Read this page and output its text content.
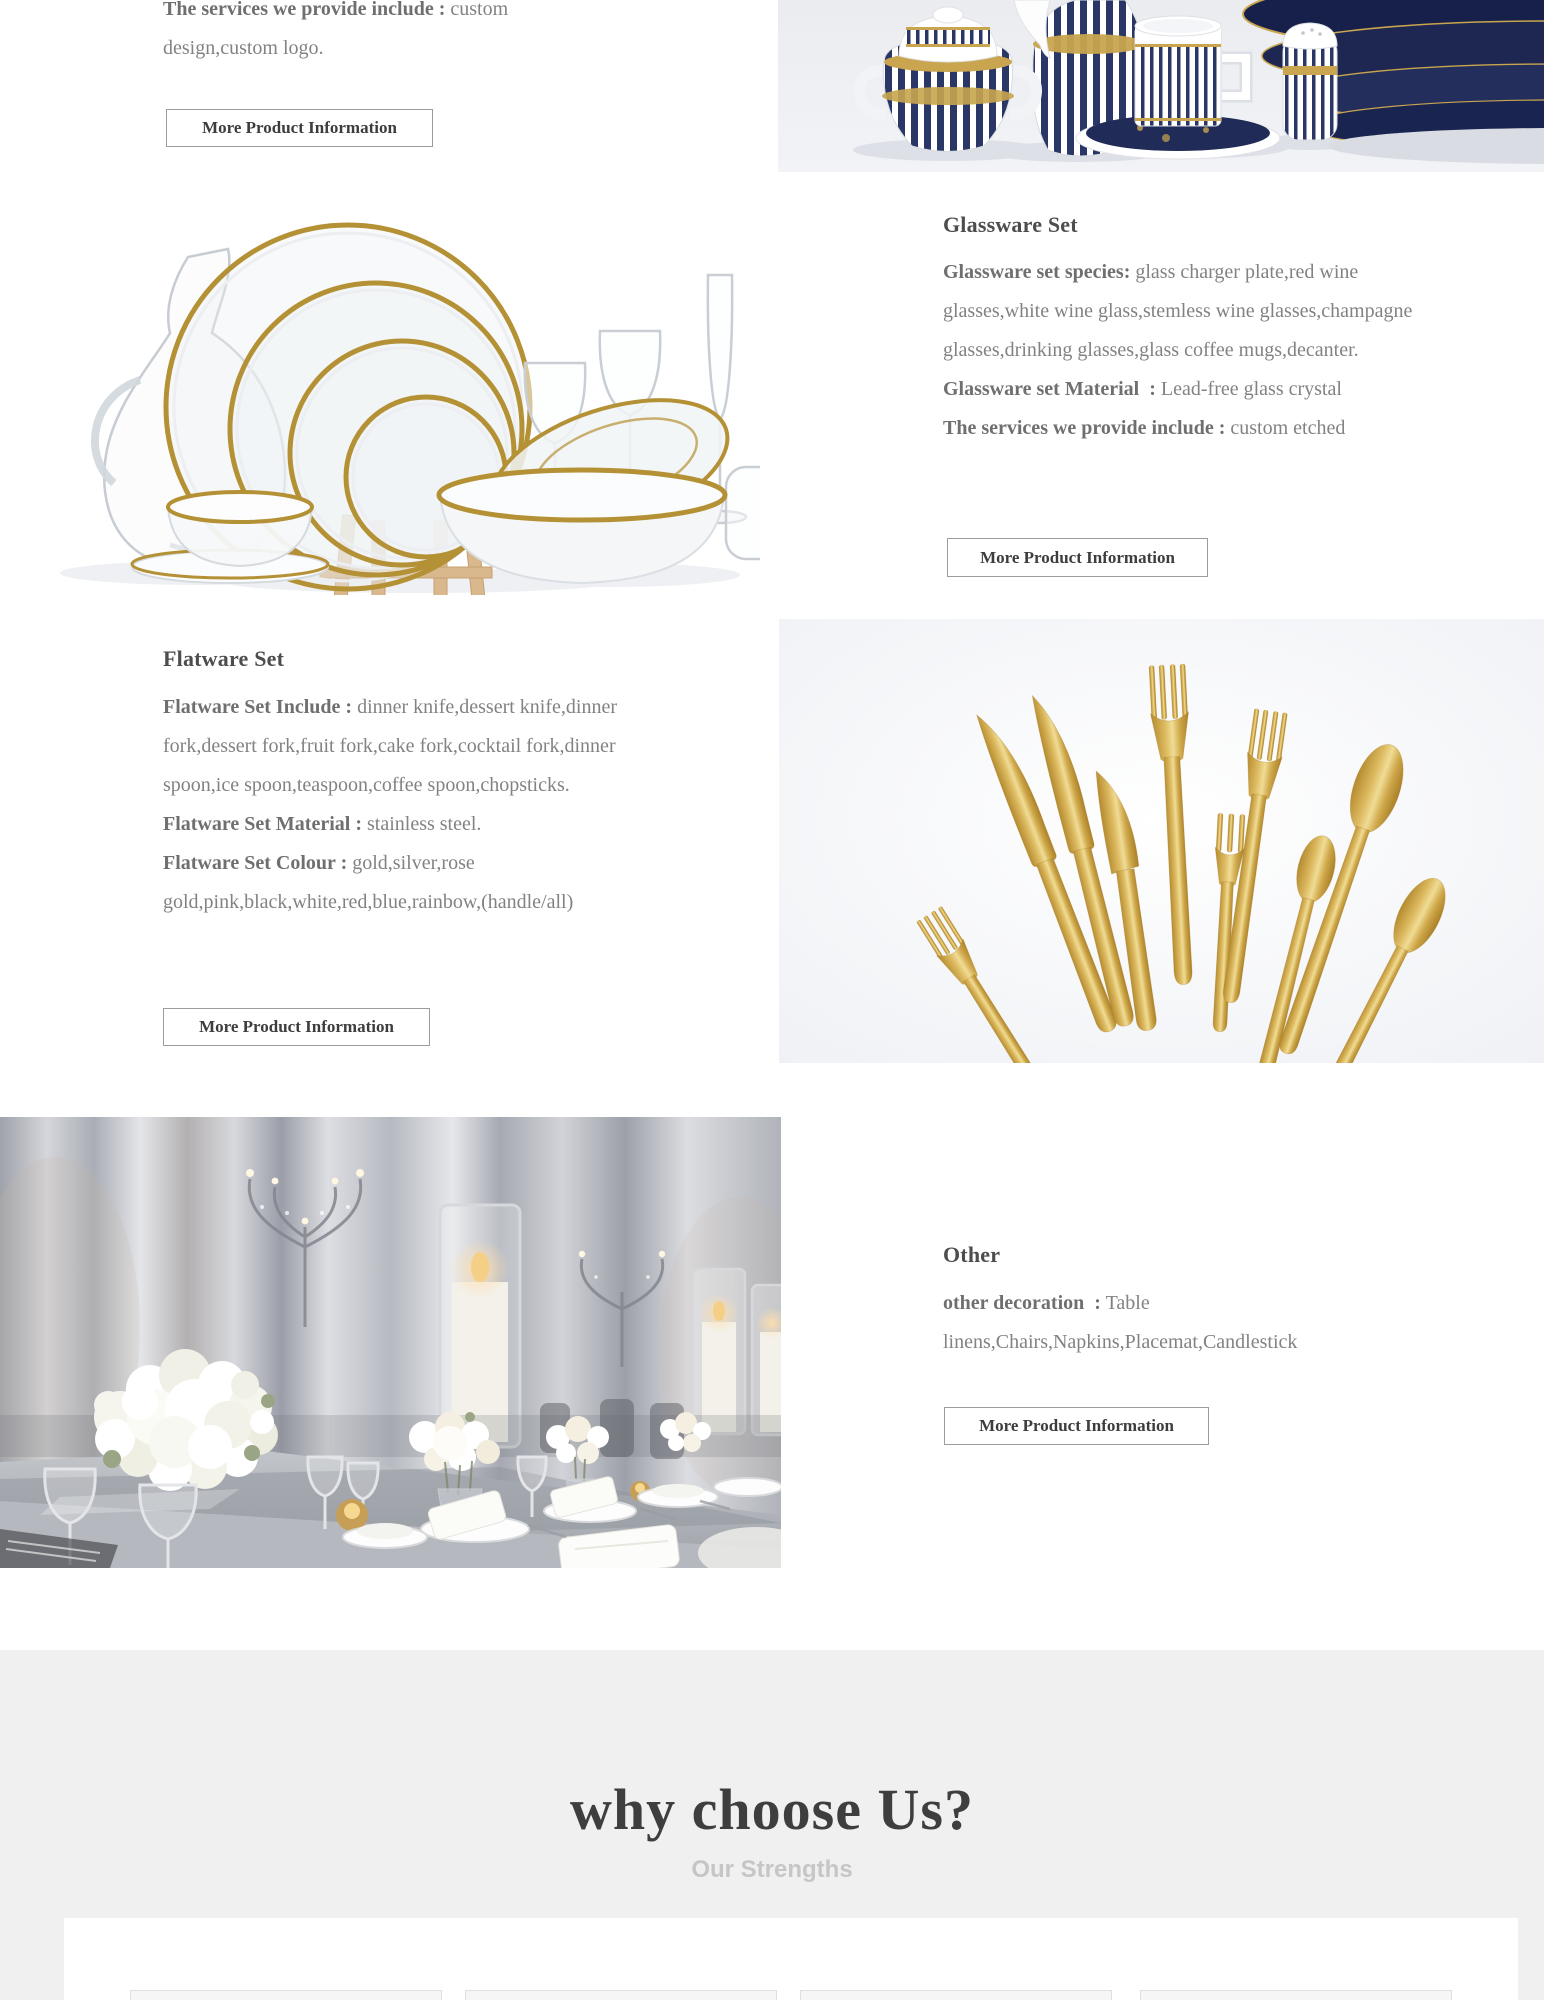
The services we provide include : custom design,custom logo.

More Product Information
Glassware Set

Glassware set species: glass charger plate,red wine glasses,white wine glass,stemless wine glasses,champagne glasses,drinking glasses,glass coffee mugs,decanter.
Glassware set Material  : Lead-free glass crystal
The services we provide include : custom etched

More Product Information
Flatware Set

Flatware Set Include : dinner knife,dessert knife,dinner fork,dessert fork,fruit fork,cake fork,cocktail fork,dinner spoon,ice spoon,teaspoon,coffee spoon,chopsticks.
Flatware Set Material : stainless steel.
Flatware Set Colour : gold,silver,rose gold,pink,black,white,red,blue,rainbow,(handle/all)

More Product Information
Other

other decoration  : Table linens,Chairs,Napkins,Placemat,Candlestick

More Product Information
why choose Us?
Our Strengths
